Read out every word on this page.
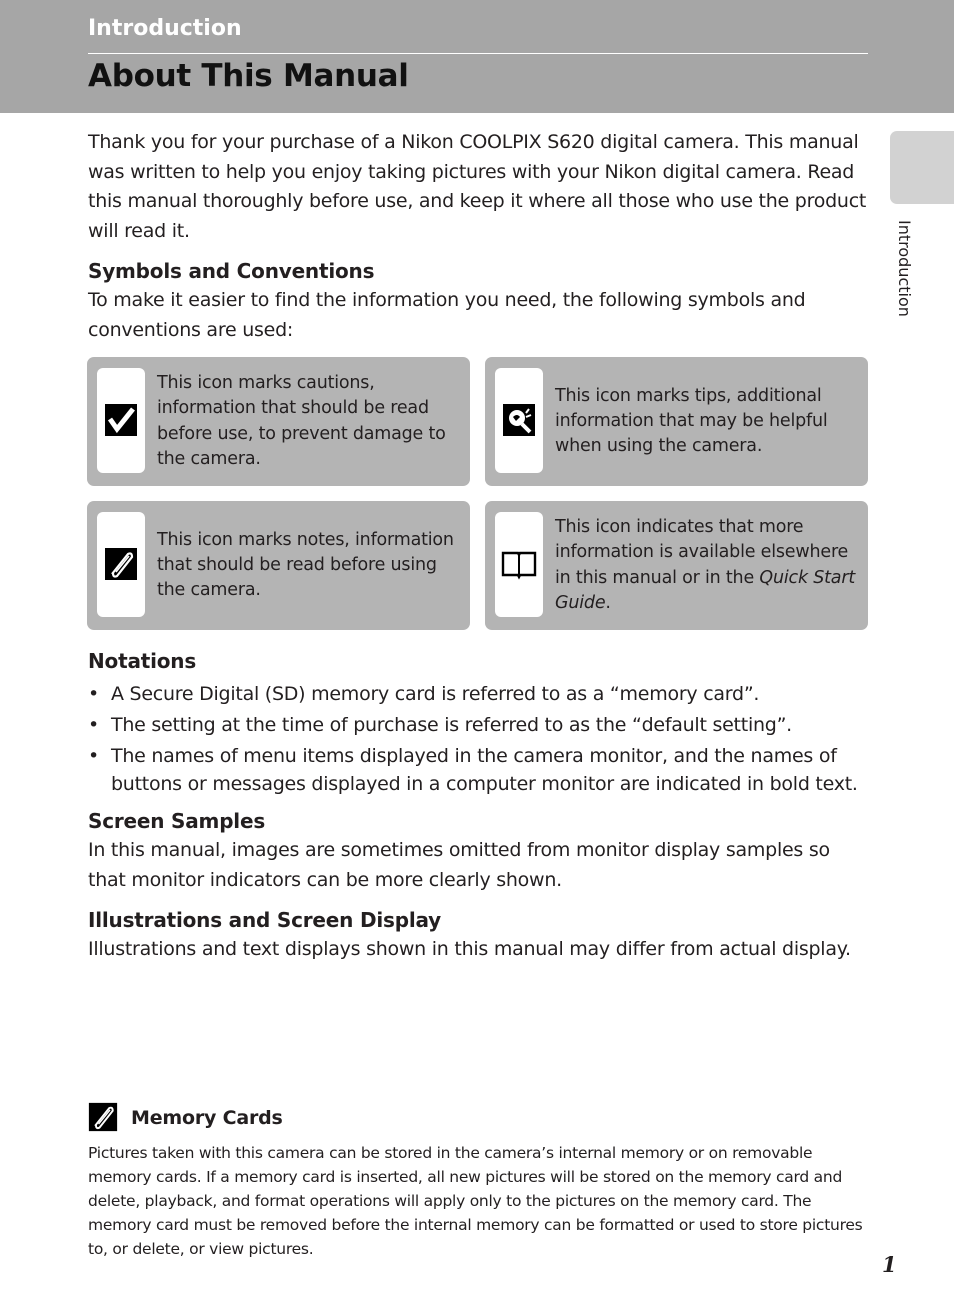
Introduction
About This Manual
Introduction

Thank you for your purchase of a Nikon COOLPIX S620 digital camera. This manual was written to help you enjoy taking pictures with your Nikon digital camera. Read this manual thoroughly before use, and keep it where all those who use the product will read it.

Symbols and Conventions

To make it easier to find the information you need, the following symbols and conventions are used:

This icon marks cautions, information that should be read before use, to prevent damage to the camera.
This icon marks tips, additional information that may be helpful when using the camera.
This icon marks notes, information that should be read before using the camera.
This icon indicates that more information is available elsewhere in this manual or in the Quick Start Guide.
Notations
• A Secure Digital (SD) memory card is referred to as a “memory card”.
• The setting at the time of purchase is referred to as the “default setting”.
• The names of menu items displayed in the camera monitor, and the names of buttons or messages displayed in a computer monitor are indicated in bold text.
Screen Samples

In this manual, images are sometimes omitted from monitor display samples so that monitor indicators can be more clearly shown.

Illustrations and Screen Display

Illustrations and text displays shown in this manual may differ from actual display.

Memory Cards

Pictures taken with this camera can be stored in the camera’s internal memory or on removable memory cards. If a memory card is inserted, all new pictures will be stored on the memory card and delete, playback, and format operations will apply only to the pictures on the memory card. The memory card must be removed before the internal memory can be formatted or used to store pictures to, or delete, or view pictures.

1
